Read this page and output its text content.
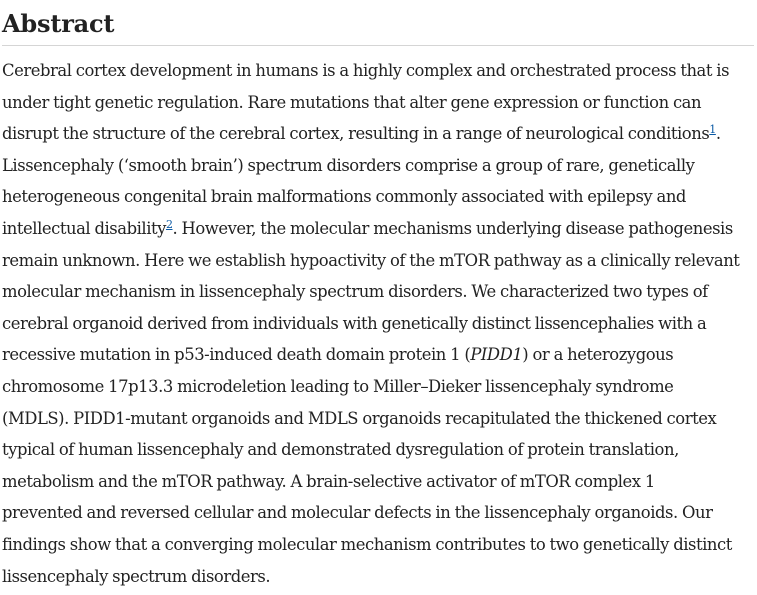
Abstract

Cerebral cortex development in humans is a highly complex and orchestrated process that is
under tight genetic regulation. Rare mutations that alter gene expression or function can
disrupt the structure of the cerebral cortex, resulting in a range of neurological conditions$^1$.
Lissencephaly (‘smooth brain’) spectrum disorders comprise a group of rare, genetically
heterogeneous congenital brain malformations commonly associated with epilepsy and
intellectual disability$^2$. However, the molecular mechanisms underlying disease pathogenesis
remain unknown. Here we establish hypoactivity of the mTOR pathway as a clinically relevant
molecular mechanism in lissencephaly spectrum disorders. We characterized two types of
cerebral organoid derived from individuals with genetically distinct lissencephalies with a
recessive mutation in p53-induced death domain protein 1 (PIDD1) or a heterozygous
chromosome 17p13.3 microdeletion leading to Miller–Dieker lissencephaly syndrome
(MDLS). PIDD1-mutant organoids and MDLS organoids recapitulated the thickened cortex
typical of human lissencephaly and demonstrated dysregulation of protein translation,
metabolism and the mTOR pathway. A brain-selective activator of mTOR complex 1
prevented and reversed cellular and molecular defects in the lissencephaly organoids. Our
findings show that a converging molecular mechanism contributes to two genetically distinct
lissencephaly spectrum disorders.
